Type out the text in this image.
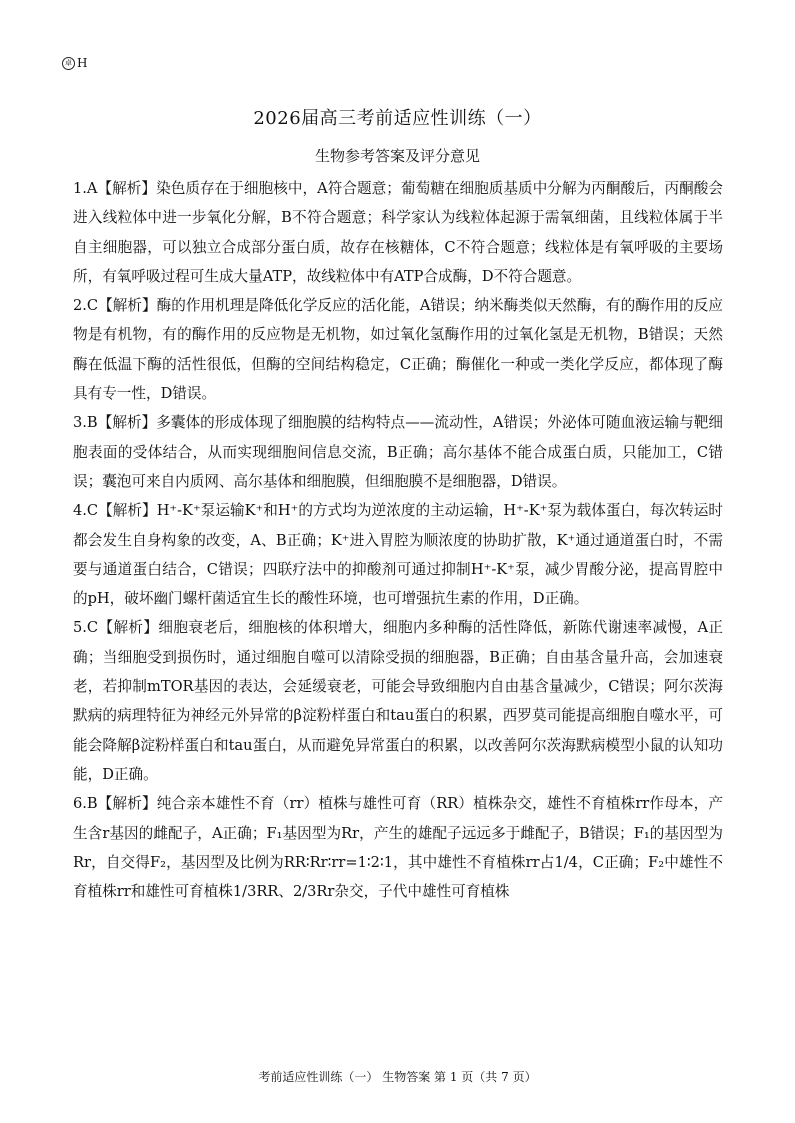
卓 H
2026届高三考前适应性训练（一）
生物参考答案及评分意见

1.A【解析】染色质存在于细胞核中，A符合题意；葡萄糖在细胞质基质中分解为丙酮酸后，丙酮酸会进入线粒体中进一步氧化分解，B不符合题意；科学家认为线粒体起源于需氧细菌，且线粒体属于半自主细胞器，可以独立合成部分蛋白质，故存在核糖体，C不符合题意；线粒体是有氧呼吸的主要场所，有氧呼吸过程可生成大量ATP，故线粒体中有ATP合成酶，D不符合题意。

2.C【解析】酶的作用机理是降低化学反应的活化能，A错误；纳米酶类似天然酶，有的酶作用的反应物是有机物，有的酶作用的反应物是无机物，如过氧化氢酶作用的过氧化氢是无机物，B错误；天然酶在低温下酶的活性很低，但酶的空间结构稳定，C正确；酶催化一种或一类化学反应，都体现了酶具有专一性，D错误。

3.B【解析】多囊体的形成体现了细胞膜的结构特点——流动性，A错误；外泌体可随血液运输与靶细胞表面的受体结合，从而实现细胞间信息交流，B正确；高尔基体不能合成蛋白质，只能加工，C错误；囊泡可来自内质网、高尔基体和细胞膜，但细胞膜不是细胞器，D错误。

4.C【解析】H⁺-K⁺泵运输K⁺和H⁺的方式均为逆浓度的主动运输，H⁺-K⁺泵为载体蛋白，每次转运时都会发生自身构象的改变，A、B正确；K⁺进入胃腔为顺浓度的协助扩散，K⁺通过通道蛋白时，不需要与通道蛋白结合，C错误；四联疗法中的抑酸剂可通过抑制H⁺-K⁺泵，减少胃酸分泌，提高胃腔中的pH，破坏幽门螺杆菌适宜生长的酸性环境，也可增强抗生素的作用，D正确。

5.C【解析】细胞衰老后，细胞核的体积增大，细胞内多种酶的活性降低，新陈代谢速率减慢，A正确；当细胞受到损伤时，通过细胞自噬可以清除受损的细胞器，B正确；自由基含量升高，会加速衰老，若抑制mTOR基因的表达，会延缓衰老，可能会导致细胞内自由基含量减少，C错误；阿尔茨海默病的病理特征为神经元外异常的β淀粉样蛋白和tau蛋白的积累，西罗莫司能提高细胞自噬水平，可能会降解β淀粉样蛋白和tau蛋白，从而避免异常蛋白的积累，以改善阿尔茨海默病模型小鼠的认知功能，D正确。

6.B【解析】纯合亲本雄性不育（rr）植株与雄性可育（RR）植株杂交，雄性不育植株rr作母本，产生含r基因的雌配子，A正确；F₁基因型为Rr，产生的雄配子远远多于雌配子，B错误；F₁的基因型为Rr，自交得F₂，基因型及比例为RR∶Rr∶rr=1∶2∶1，其中雄性不育植株rr占1/4，C正确；F₂中雄性不育植株rr和雄性可育植株1/3RR、2/3Rr杂交，子代中雄性可育植株

考前适应性训练（一） 生物答案 第 1 页（共 7 页）
